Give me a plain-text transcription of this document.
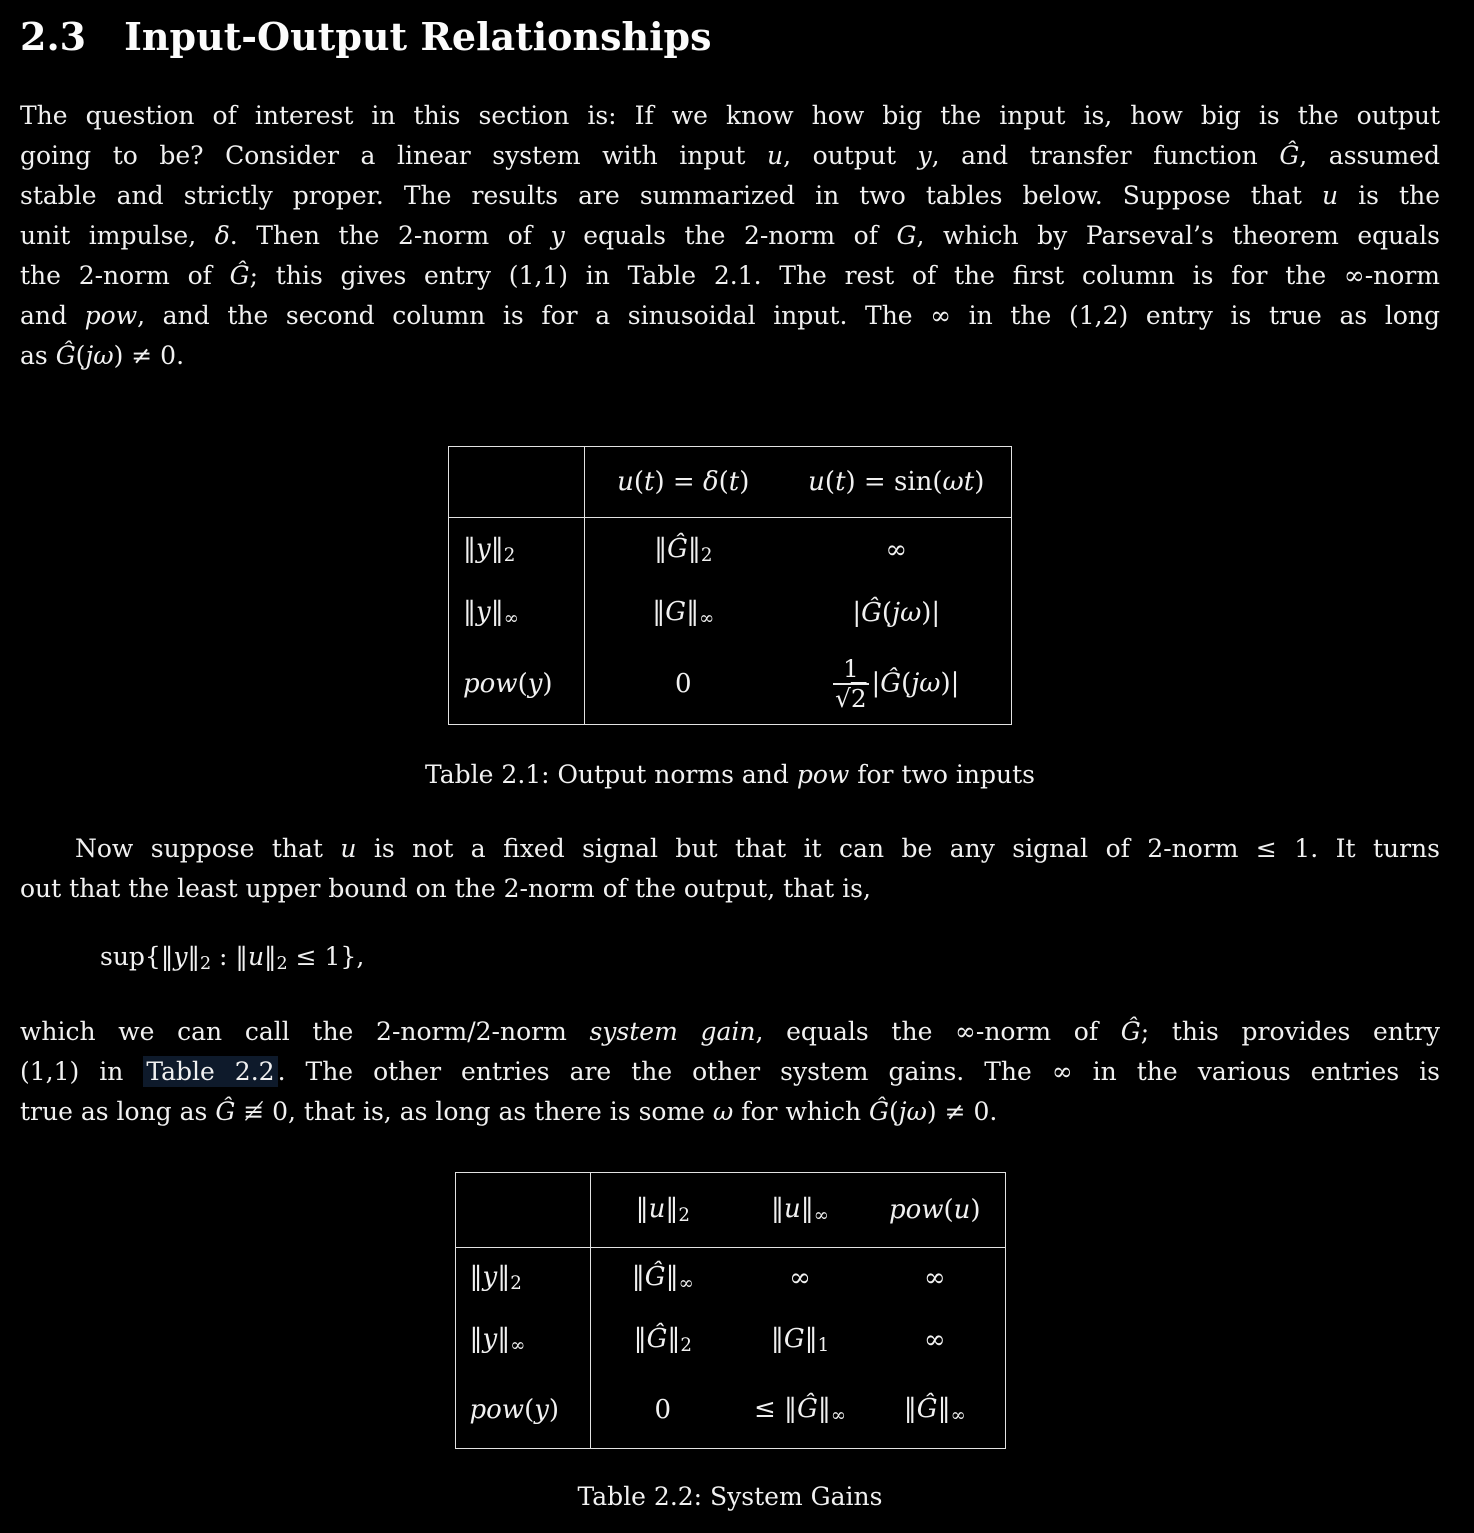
2.3 Input-Output Relationships
The question of interest in this section is: If we know how big the input is, how big is the output
going to be? Consider a linear system with input u, output y, and transfer function Ĝ, assumed
stable and strictly proper. The results are summarized in two tables below. Suppose that u is the
unit impulse, δ. Then the 2-norm of y equals the 2-norm of G, which by Parseval’s theorem equals
the 2-norm of Ĝ; this gives entry (1,1) in Table 2.1. The rest of the first column is for the ∞-norm
and pow, and the second column is for a sinusoidal input. The ∞ in the (1,2) entry is true as long
as Ĝ(jω) ≠ 0.
	u(t) = δ(t)	u(t) = sin(ωt)
‖y‖2	‖Ĝ‖2	∞
‖y‖∞	‖G‖∞	|Ĝ(jω)|
pow(y)	0	$\frac{1}{√2}$ |Ĝ(jω)|
Table 2.1: Output norms and pow for two inputs
Now suppose that u is not a fixed signal but that it can be any signal of 2-norm ≤ 1. It turns
out that the least upper bound on the 2-norm of the output, that is,
sup{‖y‖2 : ‖u‖2 ≤ 1},
which we can call the 2-norm/2-norm system gain, equals the ∞-norm of Ĝ; this provides entry
(1,1) in Table 2.2 . The other entries are the other system gains. The ∞ in the various entries is
true as long as Ĝ ≢ 0, that is, as long as there is some ω for which Ĝ(jω) ≠ 0.
	‖u‖2	‖u‖∞	pow(u)
‖y‖2	‖Ĝ‖∞	∞	∞
‖y‖∞	‖Ĝ‖2	‖G‖1	∞
pow(y)	0	≤ ‖Ĝ‖∞	‖Ĝ‖∞
Table 2.2: System Gains
